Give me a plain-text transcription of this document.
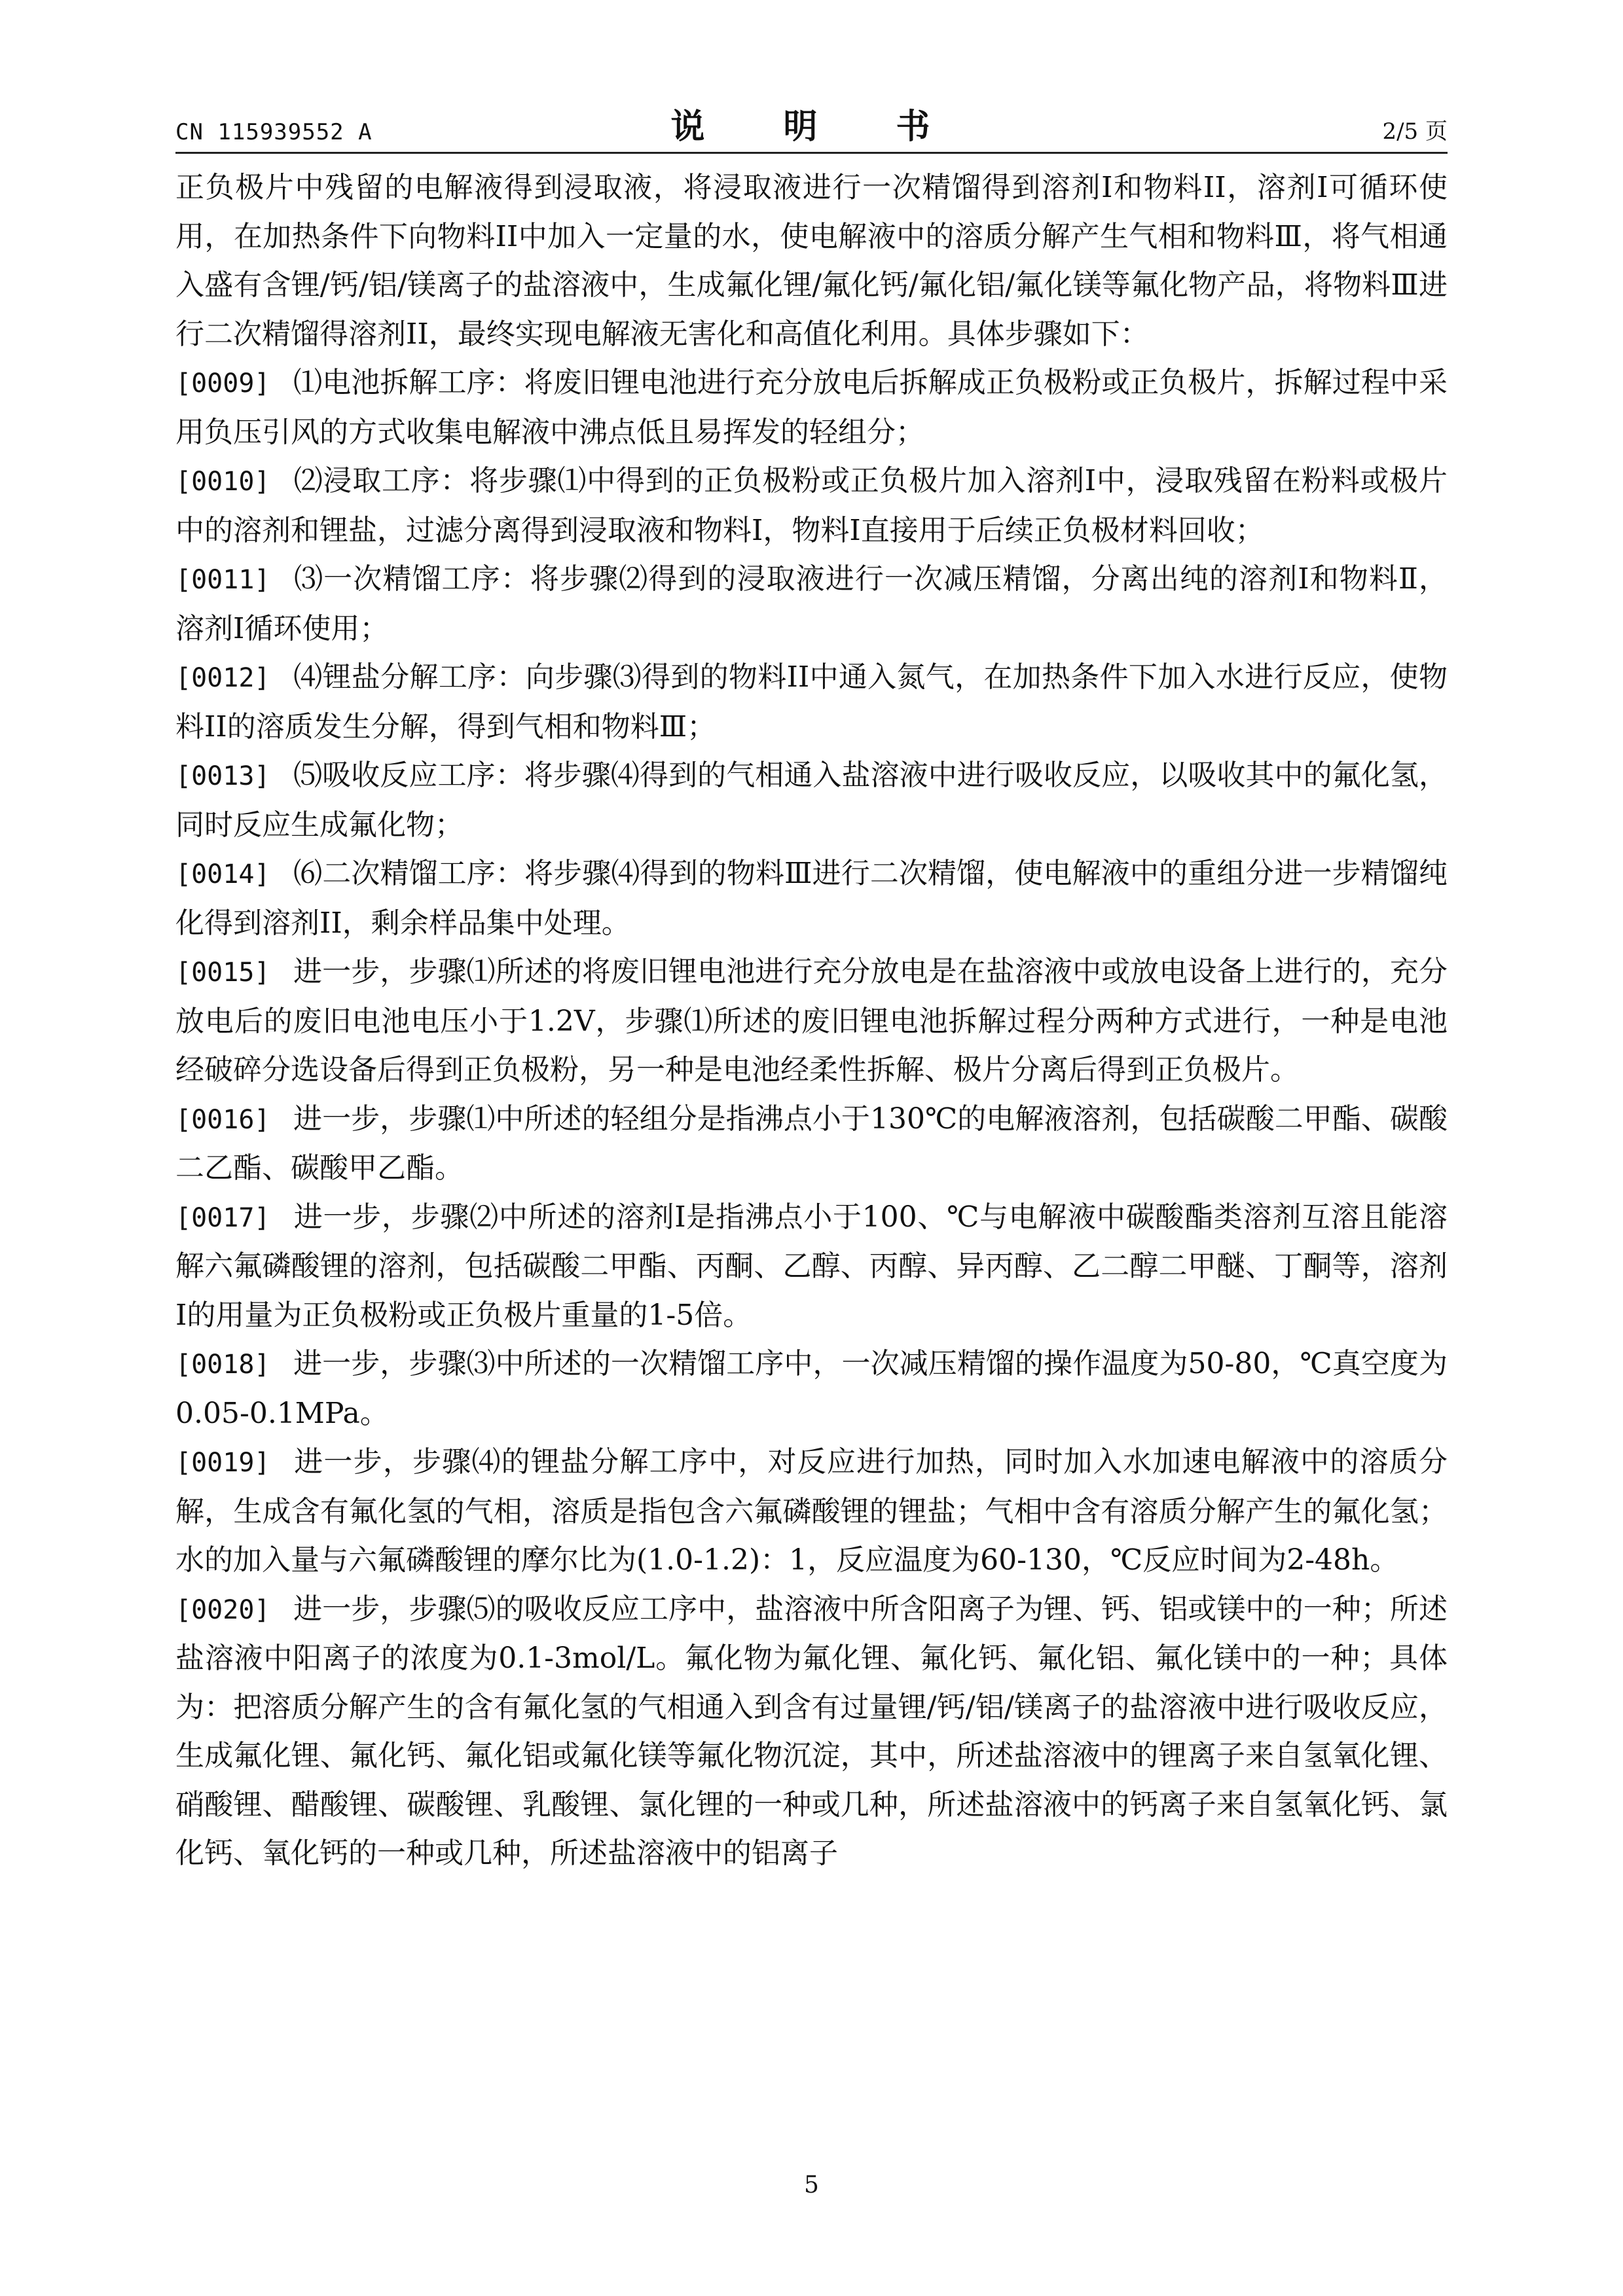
CN 115939552 A	说　明　书	2/5 页

正负极片中残留的电解液得到浸取液，将浸取液进行一次精馏得到溶剂I和物料II，溶剂I可循环使用，在加热条件下向物料II中加入一定量的水，使电解液中的溶质分解产生气相和物料Ⅲ，将气相通入盛有含锂/钙/铝/镁离子的盐溶液中，生成氟化锂/氟化钙/氟化铝/氟化镁等氟化物产品，将物料Ⅲ进行二次精馏得溶剂II，最终实现电解液无害化和高值化利用。具体步骤如下：

[0009] ⑴电池拆解工序：将废旧锂电池进行充分放电后拆解成正负极粉或正负极片，拆解过程中采用负压引风的方式收集电解液中沸点低且易挥发的轻组分；

[0010] ⑵浸取工序：将步骤⑴中得到的正负极粉或正负极片加入溶剂I中，浸取残留在粉料或极片中的溶剂和锂盐，过滤分离得到浸取液和物料I，物料I直接用于后续正负极材料回收；

[0011] ⑶一次精馏工序：将步骤⑵得到的浸取液进行一次减压精馏，分离出纯的溶剂I和物料Ⅱ，溶剂I循环使用；

[0012] ⑷锂盐分解工序：向步骤⑶得到的物料II中通入氮气，在加热条件下加入水进行反应，使物料II的溶质发生分解，得到气相和物料Ⅲ；

[0013] ⑸吸收反应工序：将步骤⑷得到的气相通入盐溶液中进行吸收反应，以吸收其中的氟化氢，同时反应生成氟化物；

[0014] ⑹二次精馏工序：将步骤⑷得到的物料Ⅲ进行二次精馏，使电解液中的重组分进一步精馏纯化得到溶剂II，剩余样品集中处理。

[0015] 进一步，步骤⑴所述的将废旧锂电池进行充分放电是在盐溶液中或放电设备上进行的，充分放电后的废旧电池电压小于1.2V，步骤⑴所述的废旧锂电池拆解过程分两种方式进行，一种是电池经破碎分选设备后得到正负极粉，另一种是电池经柔性拆解、极片分离后得到正负极片。

[0016] 进一步，步骤⑴中所述的轻组分是指沸点小于130℃的电解液溶剂，包括碳酸二甲酯、碳酸二乙酯、碳酸甲乙酯。

[0017] 进一步，步骤⑵中所述的溶剂I是指沸点小于100、℃与电解液中碳酸酯类溶剂互溶且能溶解六氟磷酸锂的溶剂，包括碳酸二甲酯、丙酮、乙醇、丙醇、异丙醇、乙二醇二甲醚、丁酮等，溶剂I的用量为正负极粉或正负极片重量的1-5倍。

[0018] 进一步，步骤⑶中所述的一次精馏工序中，一次减压精馏的操作温度为50-80，℃真空度为0.05-0.1MPa。

[0019] 进一步，步骤⑷的锂盐分解工序中，对反应进行加热，同时加入水加速电解液中的溶质分解，生成含有氟化氢的气相，溶质是指包含六氟磷酸锂的锂盐；气相中含有溶质分解产生的氟化氢；水的加入量与六氟磷酸锂的摩尔比为(1.0-1.2)：1，反应温度为60-130，℃反应时间为2-48h。

[0020] 进一步，步骤⑸的吸收反应工序中，盐溶液中所含阳离子为锂、钙、铝或镁中的一种；所述盐溶液中阳离子的浓度为0.1-3mol/L。氟化物为氟化锂、氟化钙、氟化铝、氟化镁中的一种；具体为：把溶质分解产生的含有氟化氢的气相通入到含有过量锂/钙/铝/镁离子的盐溶液中进行吸收反应，生成氟化锂、氟化钙、氟化铝或氟化镁等氟化物沉淀，其中，所述盐溶液中的锂离子来自氢氧化锂、硝酸锂、醋酸锂、碳酸锂、乳酸锂、氯化锂的一种或几种，所述盐溶液中的钙离子来自氢氧化钙、氯化钙、氧化钙的一种或几种，所述盐溶液中的铝离子

5
